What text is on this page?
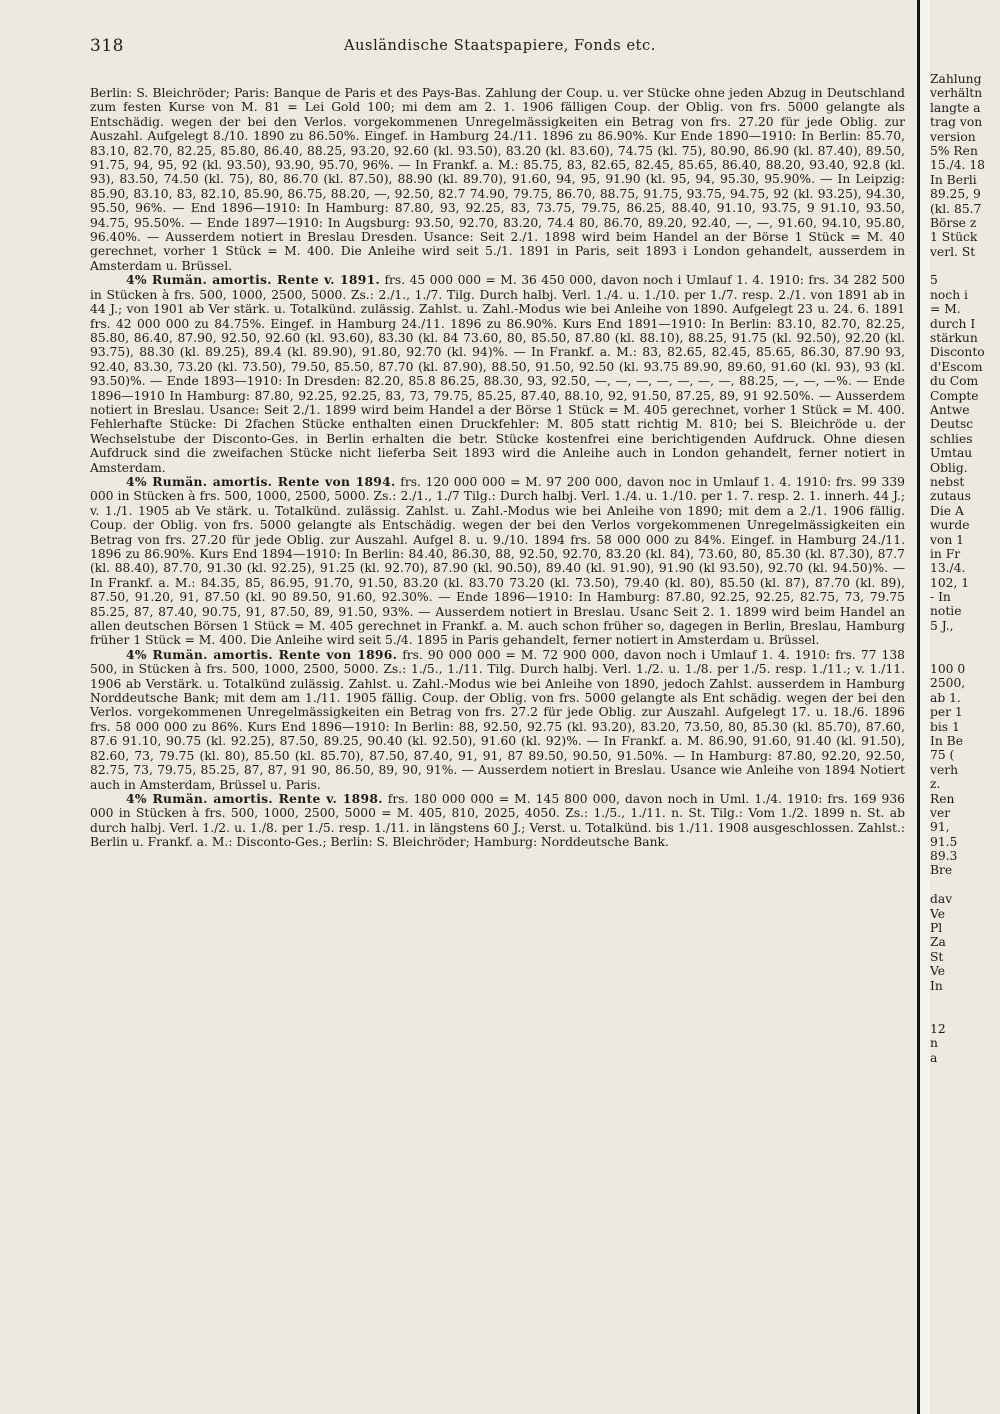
318	Ausländische Staatspapiere, Fonds etc.

Berlin: S. Bleichröder; Paris: Banque de Paris et des Pays-Bas. Zahlung der Coup. u. ver Stücke ohne jeden Abzug in Deutschland zum festen Kurse von M. 81 = Lei Gold 100; mi dem am 2. 1. 1906 fälligen Coup. der Oblig. von frs. 5000 gelangte als Entschädig. wegen der bei den Verlos. vorgekommenen Unregelmässigkeiten ein Betrag von frs. 27.20 für jede Oblig. zur Auszahl. Aufgelegt 8./10. 1890 zu 86.50%. Eingef. in Hamburg 24./11. 1896 zu 86.90%. Kur Ende 1890—1910: In Berlin: 85.70, 83.10, 82.70, 82.25, 85.80, 86.40, 88.25, 93.20, 92.60 (kl. 93.50), 83.20 (kl. 83.60), 74.75 (kl. 75), 80.90, 86.90 (kl. 87.40), 89.50, 91.75, 94, 95, 92 (kl. 93.50), 93.90, 95.70, 96%. — In Frankf. a. M.: 85.75, 83, 82.65, 82.45, 85.65, 86.40, 88.20, 93.40, 92.8 (kl. 93), 83.50, 74.50 (kl. 75), 80, 86.70 (kl. 87.50), 88.90 (kl. 89.70), 91.60, 94, 95, 91.90 (kl. 95, 94, 95.30, 95.90%. — In Leipzig: 85.90, 83.10, 83, 82.10, 85.90, 86.75, 88.20, —, 92.50, 82.7 74.90, 79.75, 86.70, 88.75, 91.75, 93.75, 94.75, 92 (kl. 93.25), 94.30, 95.50, 96%. — End 1896—1910: In Hamburg: 87.80, 93, 92.25, 83, 73.75, 79.75, 86.25, 88.40, 91.10, 93.75, 9 91.10, 93.50, 94.75, 95.50%. — Ende 1897—1910: In Augsburg: 93.50, 92.70, 83.20, 74.4 80, 86.70, 89.20, 92.40, —, —, 91.60, 94.10, 95.80, 96.40%. — Ausserdem notiert in Breslau Dresden. Usance: Seit 2./1. 1898 wird beim Handel an der Börse 1 Stück = M. 40 gerechnet, vorher 1 Stück = M. 400. Die Anleihe wird seit 5./1. 1891 in Paris, seit 1893 i London gehandelt, ausserdem in Amsterdam u. Brüssel.

4% Rumän. amortis. Rente v. 1891. frs. 45 000 000 = M. 36 450 000, davon noch i Umlauf 1. 4. 1910: frs. 34 282 500 in Stücken à frs. 500, 1000, 2500, 5000. Zs.: 2./1., 1./7. Tilg. Durch halbj. Verl. 1./4. u. 1./10. per 1./7. resp. 2./1. von 1891 ab in 44 J.; von 1901 ab Ver stärk. u. Totalkünd. zulässig. Zahlst. u. Zahl.-Modus wie bei Anleihe von 1890. Aufgelegt 23 u. 24. 6. 1891 frs. 42 000 000 zu 84.75%. Eingef. in Hamburg 24./11. 1896 zu 86.90%. Kurs End 1891—1910: In Berlin: 83.10, 82.70, 82.25, 85.80, 86.40, 87.90, 92.50, 92.60 (kl. 93.60), 83.30 (kl. 84 73.60, 80, 85.50, 87.80 (kl. 88.10), 88.25, 91.75 (kl. 92.50), 92.20 (kl. 93.75), 88.30 (kl. 89.25), 89.4 (kl. 89.90), 91.80, 92.70 (kl. 94)%. — In Frankf. a. M.: 83, 82.65, 82.45, 85.65, 86.30, 87.90 93, 92.40, 83.30, 73.20 (kl. 73.50), 79.50, 85.50, 87.70 (kl. 87.90), 88.50, 91.50, 92.50 (kl. 93.75 89.90, 89.60, 91.60 (kl. 93), 93 (kl. 93.50)%. — Ende 1893—1910: In Dresden: 82.20, 85.8 86.25, 88.30, 93, 92.50, —, —, —, —, —, —, —, 88.25, —, —, —%. — Ende 1896—1910 In Hamburg: 87.80, 92.25, 92.25, 83, 73, 79.75, 85.25, 87.40, 88.10, 92, 91.50, 87.25, 89, 91 92.50%. — Ausserdem notiert in Breslau. Usance: Seit 2./1. 1899 wird beim Handel a der Börse 1 Stück = M. 405 gerechnet, vorher 1 Stück = M. 400. Fehlerhafte Stücke: Di 2fachen Stücke enthalten einen Druckfehler: M. 805 statt richtig M. 810; bei S. Bleichröde u. der Wechselstube der Disconto-Ges. in Berlin erhalten die betr. Stücke kostenfrei eine berichtigenden Aufdruck. Ohne diesen Aufdruck sind die zweifachen Stücke nicht lieferba Seit 1893 wird die Anleihe auch in London gehandelt, ferner notiert in Amsterdam.

4% Rumän. amortis. Rente von 1894. frs. 120 000 000 = M. 97 200 000, davon noc in Umlauf 1. 4. 1910: frs. 99 339 000 in Stücken à frs. 500, 1000, 2500, 5000. Zs.: 2./1., 1./7 Tilg.: Durch halbj. Verl. 1./4. u. 1./10. per 1. 7. resp. 2. 1. innerh. 44 J.; v. 1./1. 1905 ab Ve stärk. u. Totalkünd. zulässig. Zahlst. u. Zahl.-Modus wie bei Anleihe von 1890; mit dem a 2./1. 1906 fällig. Coup. der Oblig. von frs. 5000 gelangte als Entschädig. wegen der bei den Verlos vorgekommenen Unregelmässigkeiten ein Betrag von frs. 27.20 für jede Oblig. zur Auszahl. Aufgel 8. u. 9./10. 1894 frs. 58 000 000 zu 84%. Eingef. in Hamburg 24./11. 1896 zu 86.90%. Kurs End 1894—1910: In Berlin: 84.40, 86.30, 88, 92.50, 92.70, 83.20 (kl. 84), 73.60, 80, 85.30 (kl. 87.30), 87.7 (kl. 88.40), 87.70, 91.30 (kl. 92.25), 91.25 (kl. 92.70), 87.90 (kl. 90.50), 89.40 (kl. 91.90), 91.90 (kl 93.50), 92.70 (kl. 94.50)%. — In Frankf. a. M.: 84.35, 85, 86.95, 91.70, 91.50, 83.20 (kl. 83.70 73.20 (kl. 73.50), 79.40 (kl. 80), 85.50 (kl. 87), 87.70 (kl. 89), 87.50, 91.20, 91, 87.50 (kl. 90 89.50, 91.60, 92.30%. — Ende 1896—1910: In Hamburg: 87.80, 92.25, 92.25, 82.75, 73, 79.75 85.25, 87, 87.40, 90.75, 91, 87.50, 89, 91.50, 93%. — Ausserdem notiert in Breslau. Usanc Seit 2. 1. 1899 wird beim Handel an allen deutschen Börsen 1 Stück = M. 405 gerechnet in Frankf. a. M. auch schon früher so, dagegen in Berlin, Breslau, Hamburg früher 1 Stück = M. 400. Die Anleihe wird seit 5./4. 1895 in Paris gehandelt, ferner notiert in Amsterdam u. Brüssel.

4% Rumän. amortis. Rente von 1896. frs. 90 000 000 = M. 72 900 000, davon noch i Umlauf 1. 4. 1910: frs. 77 138 500, in Stücken à frs. 500, 1000, 2500, 5000. Zs.: 1./5., 1./11. Tilg. Durch halbj. Verl. 1./2. u. 1./8. per 1./5. resp. 1./11.; v. 1./11. 1906 ab Verstärk. u. Totalkünd zulässig. Zahlst. u. Zahl.-Modus wie bei Anleihe von 1890, jedoch Zahlst. ausserdem in Hamburg Norddeutsche Bank; mit dem am 1./11. 1905 fällig. Coup. der Oblig. von frs. 5000 gelangte als Ent schädig. wegen der bei den Verlos. vorgekommenen Unregelmässigkeiten ein Betrag von frs. 27.2 für jede Oblig. zur Auszahl. Aufgelegt 17. u. 18./6. 1896 frs. 58 000 000 zu 86%. Kurs End 1896—1910: In Berlin: 88, 92.50, 92.75 (kl. 93.20), 83.20, 73.50, 80, 85.30 (kl. 85.70), 87.60, 87.6 91.10, 90.75 (kl. 92.25), 87.50, 89.25, 90.40 (kl. 92.50), 91.60 (kl. 92)%. — In Frankf. a. M. 86.90, 91.60, 91.40 (kl. 91.50), 82.60, 73, 79.75 (kl. 80), 85.50 (kl. 85.70), 87.50, 87.40, 91, 91, 87 89.50, 90.50, 91.50%. — In Hamburg: 87.80, 92.20, 92.50, 82.75, 73, 79.75, 85.25, 87, 87, 91 90, 86.50, 89, 90, 91%. — Ausserdem notiert in Breslau. Usance wie Anleihe von 1894 Notiert auch in Amsterdam, Brüssel u. Paris.

4% Rumän. amortis. Rente v. 1898. frs. 180 000 000 = M. 145 800 000, davon noch in Uml. 1./4. 1910: frs. 169 936 000 in Stücken à frs. 500, 1000, 2500, 5000 = M. 405, 810, 2025, 4050. Zs.: 1./5., 1./11. n. St. Tilg.: Vom 1./2. 1899 n. St. ab durch halbj. Verl. 1./2. u. 1./8. per 1./5. resp. 1./11. in längstens 60 J.; Verst. u. Totalkünd. bis 1./11. 1908 ausgeschlossen. Zahlst.: Berlin u. Frankf. a. M.: Disconto-Ges.; Berlin: S. Bleichröder; Hamburg: Norddeutsche Bank.

Zahlung
verhältn
langte a
trag von
version
5% Ren
15./4. 18
In Berli
89.25, 9
(kl. 85.7
Börse z
1 Stück
verl. St
5
noch i
= M.
durch I
stärkun
Disconto
d'Escom
du Com
Compte
Antwe
Deutsc
schlies
Umtau
Oblig.
nebst
zutaus
Die A
wurde
von 1
in Fr
13./4.
102, 1
- In
notie
5 J.,
100 0
2500,
ab 1.
per 1
bis 1
In Be
75 (
verh
z.
Ren
ver
91,
91.5
89.3
Bre
dav
Ve
Pl
Za
St
Ve
In
12
n
a
